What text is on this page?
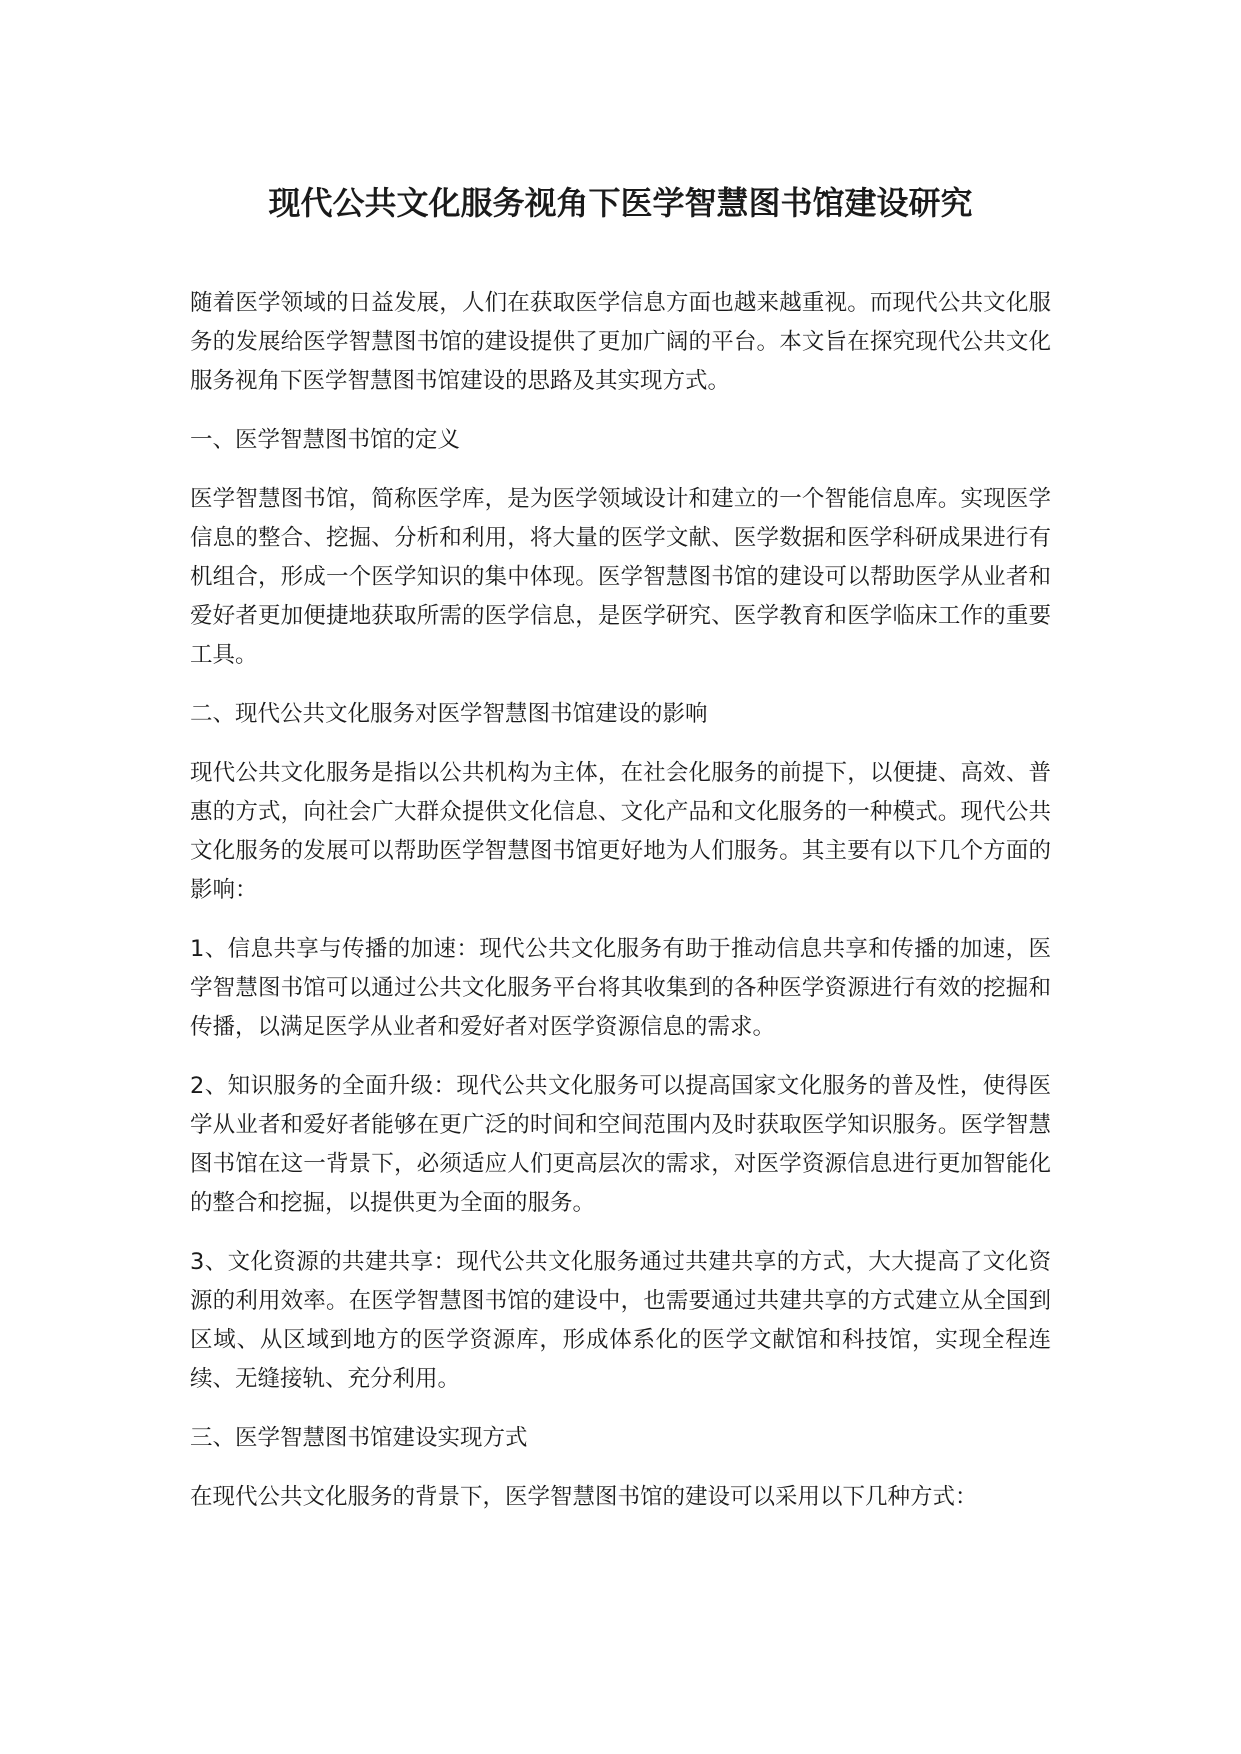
现代公共文化服务视角下医学智慧图书馆建设研究

随着医学领域的日益发展，人们在获取医学信息方面也越来越重视。而现代公共文化服务的发展给医学智慧图书馆的建设提供了更加广阔的平台。本文旨在探究现代公共文化服务视角下医学智慧图书馆建设的思路及其实现方式。

一、医学智慧图书馆的定义

医学智慧图书馆，简称医学库，是为医学领域设计和建立的一个智能信息库。实现医学信息的整合、挖掘、分析和利用，将大量的医学文献、医学数据和医学科研成果进行有机组合，形成一个医学知识的集中体现。医学智慧图书馆的建设可以帮助医学从业者和爱好者更加便捷地获取所需的医学信息，是医学研究、医学教育和医学临床工作的重要工具。

二、现代公共文化服务对医学智慧图书馆建设的影响

现代公共文化服务是指以公共机构为主体，在社会化服务的前提下，以便捷、高效、普惠的方式，向社会广大群众提供文化信息、文化产品和文化服务的一种模式。现代公共文化服务的发展可以帮助医学智慧图书馆更好地为人们服务。其主要有以下几个方面的影响：

1、信息共享与传播的加速：现代公共文化服务有助于推动信息共享和传播的加速，医学智慧图书馆可以通过公共文化服务平台将其收集到的各种医学资源进行有效的挖掘和传播，以满足医学从业者和爱好者对医学资源信息的需求。

2、知识服务的全面升级：现代公共文化服务可以提高国家文化服务的普及性，使得医学从业者和爱好者能够在更广泛的时间和空间范围内及时获取医学知识服务。医学智慧图书馆在这一背景下，必须适应人们更高层次的需求，对医学资源信息进行更加智能化的整合和挖掘，以提供更为全面的服务。

3、文化资源的共建共享：现代公共文化服务通过共建共享的方式，大大提高了文化资源的利用效率。在医学智慧图书馆的建设中，也需要通过共建共享的方式建立从全国到区域、从区域到地方的医学资源库，形成体系化的医学文献馆和科技馆，实现全程连续、无缝接轨、充分利用。

三、医学智慧图书馆建设实现方式

在现代公共文化服务的背景下，医学智慧图书馆的建设可以采用以下几种方式：
